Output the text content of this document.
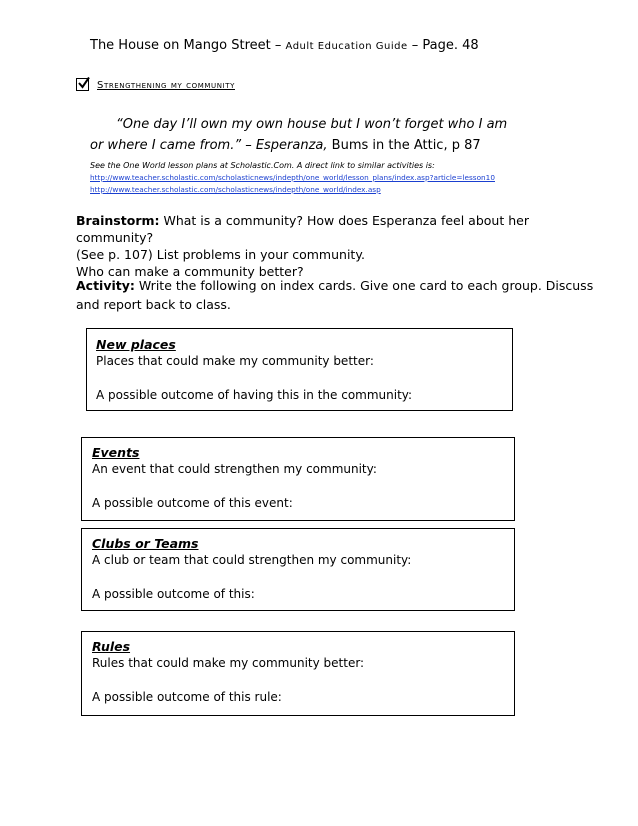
The House on Mango Street – Adult Education Guide – Page. 48
Strengthening my community
“One day I’ll own my own house but I won’t forget who I am
or where I came from.” – Esperanza, Bums in the Attic, p 87
See the One World lesson plans at Scholastic.Com. A direct link to similar activities is:
http://www.teacher.scholastic.com/scholasticnews/indepth/one_world/lesson_plans/index.asp?article=lesson10
http://www.teacher.scholastic.com/scholasticnews/indepth/one_world/index.asp
Brainstorm: What is a community? How does Esperanza feel about her community?
(See p. 107) List problems in your community.
Who can make a community better?
Activity: Write the following on index cards. Give one card to each group. Discuss
and report back to class.
New places
Places that could make my community better:
A possible outcome of having this in the community:
Events
An event that could strengthen my community:
A possible outcome of this event:
Clubs or Teams
A club or team that could strengthen my community:
A possible outcome of this:
Rules
Rules that could make my community better:
A possible outcome of this rule:
